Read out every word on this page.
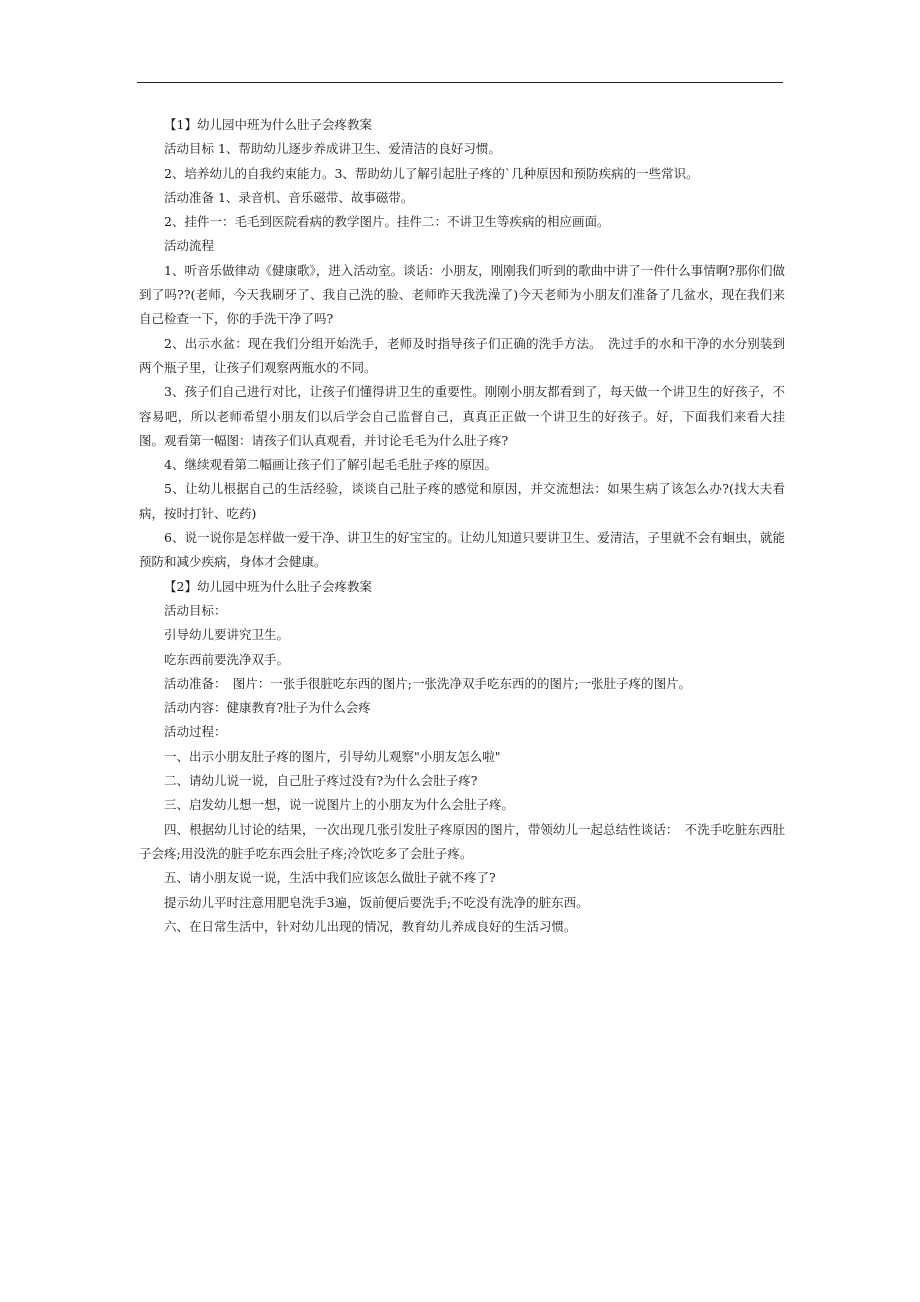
【1】幼儿园中班为什么肚子会疼教案

活动目标 1、帮助幼儿逐步养成讲卫生、爱清洁的良好习惯。

2、培养幼儿的自我约束能力。3、帮助幼儿了解引起肚子疼的`几种原因和预防疾病的一些常识。

活动准备 1、录音机、音乐磁带、故事磁带。

2、挂件一：毛毛到医院看病的教学图片。挂件二：不讲卫生等疾病的相应画面。

活动流程

1、听音乐做律动《健康歌》，进入活动室。谈话：小朋友，刚刚我们听到的歌曲中讲了一件什么事情啊?那你们做到了吗??(老师，今天我刷牙了、我自己洗的脸、老师昨天我洗澡了)今天老师为小朋友们准备了几盆水，现在我们来自己检查一下，你的手洗干净了吗?

2、出示水盆：现在我们分组开始洗手，老师及时指导孩子们正确的洗手方法。　洗过手的水和干净的水分别装到两个瓶子里，让孩子们观察两瓶水的不同。

3、孩子们自己进行对比，让孩子们懂得讲卫生的重要性。刚刚小朋友都看到了，每天做一个讲卫生的好孩子，不容易吧，所以老师希望小朋友们以后学会自己监督自己，真真正正做一个讲卫生的好孩子。好，下面我们来看大挂图。观看第一幅图：请孩子们认真观看，并讨论毛毛为什么肚子疼?

4、继续观看第二幅画让孩子们了解引起毛毛肚子疼的原因。

5、让幼儿根据自己的生活经验，谈谈自己肚子疼的感觉和原因，并交流想法：如果生病了该怎么办?(找大夫看病，按时打针、吃药)

6、说一说你是怎样做一爱干净、讲卫生的好宝宝的。让幼儿知道只要讲卫生、爱清洁，子里就不会有蛔虫，就能预防和减少疾病，身体才会健康。

【2】幼儿园中班为什么肚子会疼教案

活动目标：

引导幼儿要讲究卫生。

吃东西前要洗净双手。

活动准备：　图片：一张手很脏吃东西的图片;一张洗净双手吃东西的的图片;一张肚子疼的图片。

活动内容：健康教育?肚子为什么会疼

活动过程：

一、出示小朋友肚子疼的图片，引导幼儿观察"小朋友怎么啦"

二、请幼儿说一说，自己肚子疼过没有?为什么会肚子疼?

三、启发幼儿想一想，说一说图片上的小朋友为什么会肚子疼。

四、根据幼儿讨论的结果，一次出现几张引发肚子疼原因的图片，带领幼儿一起总结性谈话：　不洗手吃脏东西肚子会疼;用没洗的脏手吃东西会肚子疼;冷饮吃多了会肚子疼。

五、请小朋友说一说，生活中我们应该怎么做肚子就不疼了?

提示幼儿平时注意用肥皂洗手3遍，饭前便后要洗手;不吃没有洗净的脏东西。

六、在日常生活中，针对幼儿出现的情况，教育幼儿养成良好的生活习惯。
